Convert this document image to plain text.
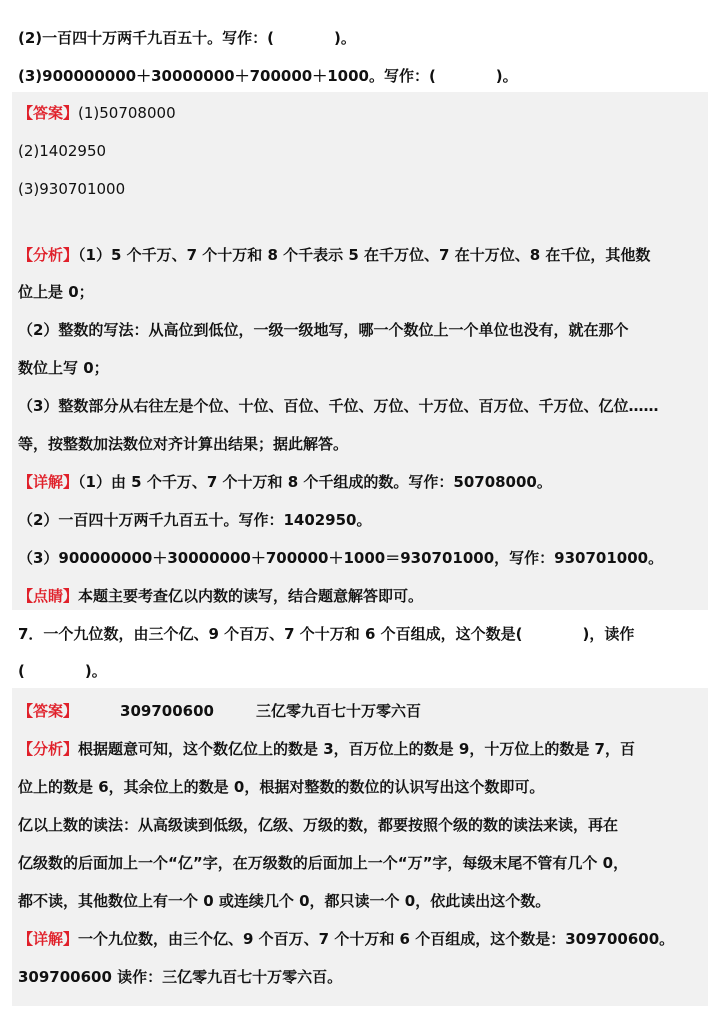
(2)一百四十万两千九百五十。写作：(　　　　)。
(3)900000000＋30000000＋700000＋1000。写作：(　　　　)。
【答案】(1)50708000
(2)1402950
(3)930701000
【分析】（1）5 个千万、7 个十万和 8 个千表示 5 在千万位、7 在十万位、8 在千位，其他数
位上是 0；
（2）整数的写法：从高位到低位，一级一级地写，哪一个数位上一个单位也没有，就在那个
数位上写 0；
（3）整数部分从右往左是个位、十位、百位、千位、万位、十万位、百万位、千万位、亿位……
等，按整数加法数位对齐计算出结果；据此解答。
【详解】（1）由 5 个千万、7 个十万和 8 个千组成的数。写作：50708000。
（2）一百四十万两千九百五十。写作：1402950。
（3）900000000＋30000000＋700000＋1000＝930701000，写作：930701000。
【点睛】本题主要考查亿以内数的读写，结合题意解答即可。
7．一个九位数，由三个亿、9 个百万、7 个十万和 6 个百组成，这个数是(　　　　)，读作
(　　　　)。
【答案】	309700600	三亿零九百七十万零六百
【分析】根据题意可知，这个数亿位上的数是 3，百万位上的数是 9，十万位上的数是 7，百
位上的数是 6，其余位上的数是 0，根据对整数的数位的认识写出这个数即可。
亿以上数的读法：从高级读到低级，亿级、万级的数，都要按照个级的数的读法来读，再在
亿级数的后面加上一个“亿”字，在万级数的后面加上一个“万”字，每级末尾不管有几个 0，
都不读，其他数位上有一个 0 或连续几个 0，都只读一个 0，依此读出这个数。
【详解】一个九位数，由三个亿、9 个百万、7 个十万和 6 个百组成，这个数是：309700600。
309700600 读作：三亿零九百七十万零六百。
